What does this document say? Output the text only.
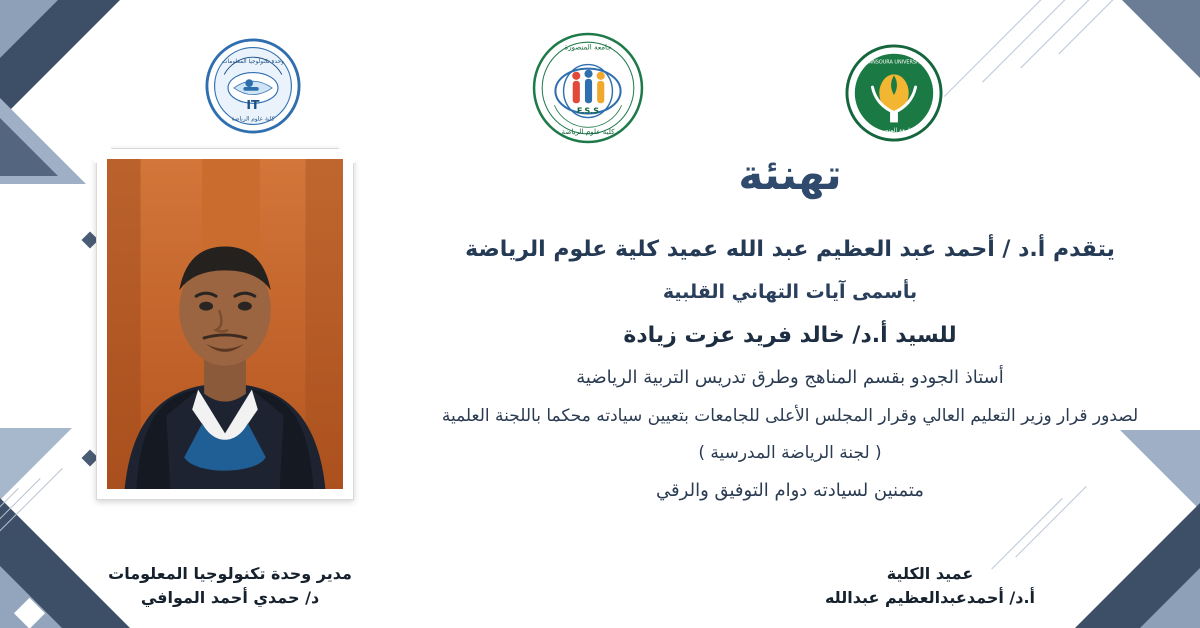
وحدة تكنولوجيا المعلومات
IT
كلية علوم الرياضة
جامعة المنصورة
F.S.S
كلية علوم الرياضة
MANSOURA UNIVERSITY
جامعة المنصورة
تهنئة
يتقدم أ.د / أحمد عبد العظيم عبد الله عميد كلية علوم الرياضة
بأسمى آيات التهاني القلبية
للسيد أ.د/ خالد فريد عزت زيادة
أستاذ الجودو بقسم المناهج وطرق تدريس التربية الرياضية
لصدور قرار وزير التعليم العالي وقرار المجلس الأعلى للجامعات بتعيين سيادته محكما باللجنة العلمية
( لجنة الرياضة المدرسية )
متمنين لسيادته دوام التوفيق والرقي
مدير وحدة تكنولوجيا المعلومات
د/ حمدي أحمد الموافي
عميد الكلية
أ.د/ أحمدعبدالعظيم عبدالله
